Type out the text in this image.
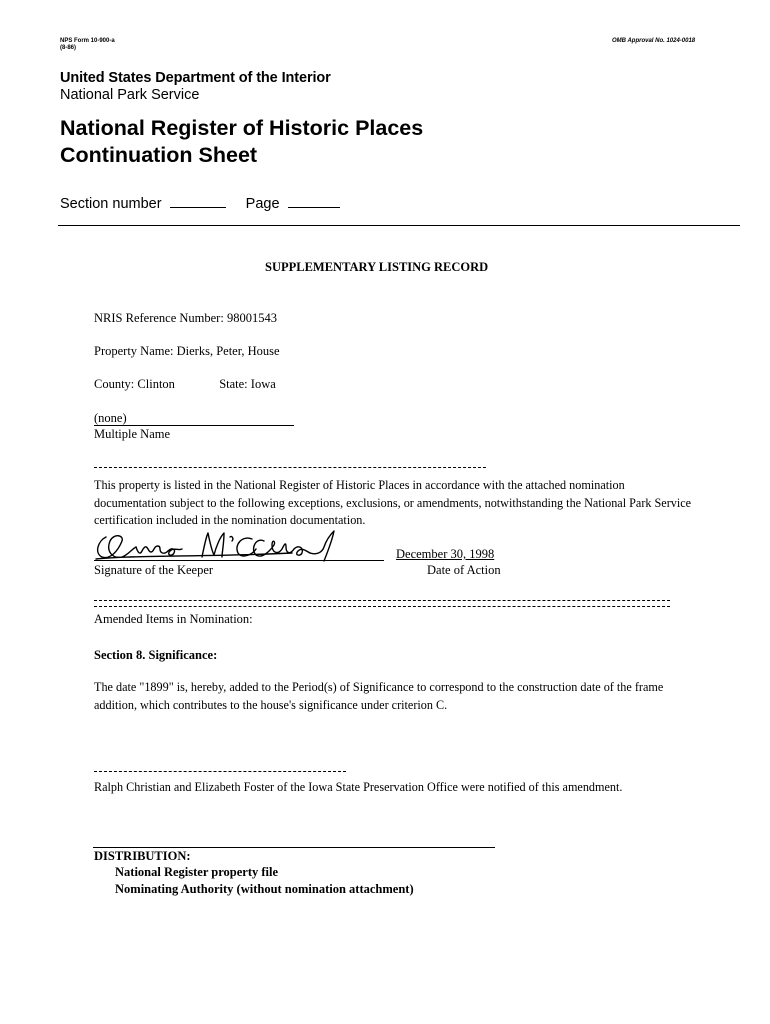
NPS Form 10-900-a
(8-86)
OMB Approval No. 1024-0018
United States Department of the Interior
National Park Service
National Register of Historic Places
Continuation Sheet
Section number	Page
SUPPLEMENTARY LISTING RECORD
NRIS Reference Number: 98001543
Property Name: Dierks, Peter, House
County: Clinton	State: Iowa
(none)
Multiple Name
This property is listed in the National Register of Historic Places in accordance with the attached nomination documentation subject to the following exceptions, exclusions, or amendments, notwithstanding the National Park Service certification included in the nomination documentation.
Signature of the Keeper
December 30, 1998
Date of Action
Amended Items in Nomination:
Section 8. Significance:
The date "1899" is, hereby, added to the Period(s) of Significance to correspond to the construction date of the frame addition, which contributes to the house's significance under criterion C.
Ralph Christian and Elizabeth Foster of the Iowa State Preservation Office were notified of this amendment.
DISTRIBUTION:
National Register property file
Nominating Authority (without nomination attachment)
